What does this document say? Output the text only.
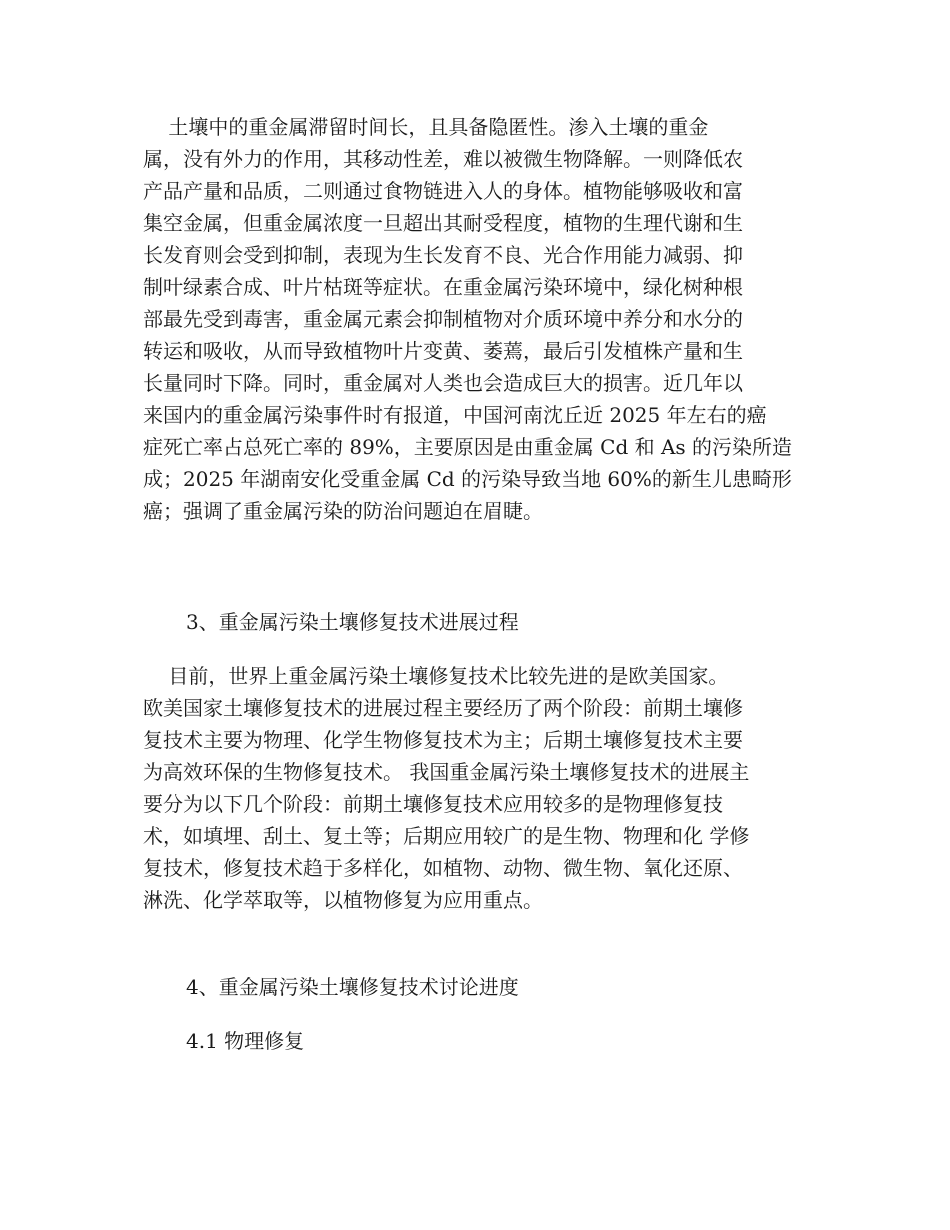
土壤中的重金属滞留时间长，且具备隐匿性。渗入土壤的重金
属，没有外力的作用，其移动性差，难以被微生物降解。一则降低农
产品产量和品质，二则通过食物链进入人的身体。植物能够吸收和富
集空金属，但重金属浓度一旦超出其耐受程度，植物的生理代谢和生
长发育则会受到抑制，表现为生长发育不良、光合作用能力减弱、抑
制叶绿素合成、叶片枯斑等症状。在重金属污染环境中，绿化树种根
部最先受到毒害，重金属元素会抑制植物对介质环境中养分和水分的
转运和吸收，从而导致植物叶片变黄、萎蔫，最后引发植株产量和生
长量同时下降。同时，重金属对人类也会造成巨大的损害。近几年以
来国内的重金属污染事件时有报道，中国河南沈丘近 2025 年左右的癌
症死亡率占总死亡率的 89%，主要原因是由重金属 Cd 和 As 的污染所造
成；2025 年湖南安化受重金属 Cd 的污染导致当地 60%的新生儿患畸形
癌；强调了重金属污染的防治问题迫在眉睫。
3、重金属污染土壤修复技术进展过程
目前，世界上重金属污染土壤修复技术比较先进的是欧美国家。
欧美国家土壤修复技术的进展过程主要经历了两个阶段：前期土壤修
复技术主要为物理、化学生物修复技术为主；后期土壤修复技术主要
为高效环保的生物修复技术。 我国重金属污染土壤修复技术的进展主
要分为以下几个阶段：前期土壤修复技术应用较多的是物理修复技
术，如填埋、刮土、复土等；后期应用较广的是生物、物理和化 学修
复技术，修复技术趋于多样化，如植物、动物、微生物、氧化还原、
淋洗、化学萃取等，以植物修复为应用重点。
4、重金属污染土壤修复技术讨论进度
4.1 物理修复
